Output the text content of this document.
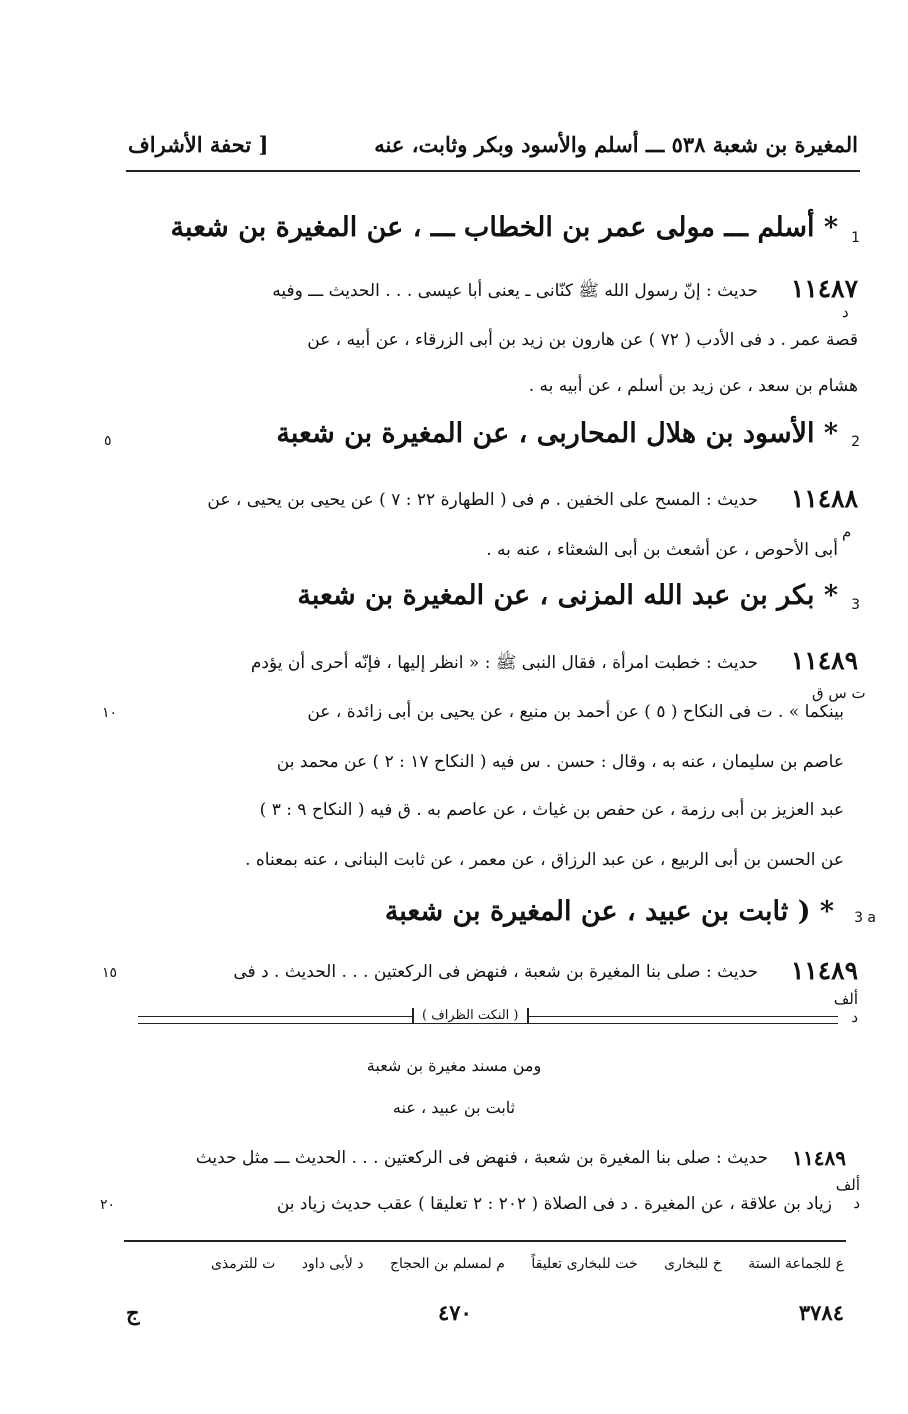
المغيرة بن شعبة ٥٣٨ ـــ أسلم والأسود وبكر وثابت، عنه
[ تحفة الأشراف
1
* أسلم ـــ مولى عمر بن الخطاب ـــ ، عن المغيرة بن شعبة
١١٤٨٧
حديث : إنّ رسول الله ﷺ كنّانى ـ يعنى أبا عيسى . . . الحديث ـــ وفيه
د
قصة عمر . د فى الأدب ( ٧٢ ) عن هارون بن زيد بن أبى الزرقاء ، عن أبيه ، عن
هشام بن سعد ، عن زيد بن أسلم ، عن أبيه به .
٥	2
* الأسود بن هلال المحاربى ، عن المغيرة بن شعبة
١١٤٨٨
حديث : المسح على الخفين . م فى ( الطهارة ٢٢ : ٧ ) عن يحيى بن يحيى ، عن
م
أبى الأحوص ، عن أشعث بن أبى الشعثاء ، عنه به .
3
* بكر بن عبد الله المزنى ، عن المغيرة بن شعبة
١١٤٨٩
حديث : خطبت امرأة ، فقال النبى ﷺ : « انظر إليها ، فإنّه أحرى أن يؤدم
ت س ق
بينكما » . ت فى النكاح ( ٥ ) عن أحمد بن منيع ، عن يحيى بن أبى زائدة ، عن
١٠
عاصم بن سليمان ، عنه به ، وقال : حسن . س فيه ( النكاح ١٧ : ٢ ) عن محمد بن
عبد العزيز بن أبى رزمة ، عن حفص بن غياث ، عن عاصم به . ق فيه ( النكاح ٩ : ٣ )
عن الحسن بن أبى الربيع ، عن عبد الرزاق ، عن معمر ، عن ثابت البنانى ، عنه بمعناه .
3 a
* ( ثابت بن عبيد ، عن المغيرة بن شعبة
١١٤٨٩
حديث : صلى بنا المغيرة بن شعبة ، فنهض فى الركعتين . . . الحديث . د فى
١٥
ألف د
( النكت الظراف )
ومن مسند مغيرة بن شعبة
ثابت بن عبيد ، عنه
١١٤٨٩
حديث : صلى بنا المغيرة بن شعبة ، فنهض فى الركعتين . . . الحديث ـــ مثل حديث
ألف د
زياد بن علاقة ، عن المغيرة . د فى الصلاة ( ٢٠٢ : ٢ تعليقا ) عقب حديث زياد بن
٢٠
ع للجماعة الستة خ للبخارى خت للبخارى تعليقاً م لمسلم بن الحجاج د لأبى داود ت للترمذى
٣٧٨٤
٤٧٠
ج
